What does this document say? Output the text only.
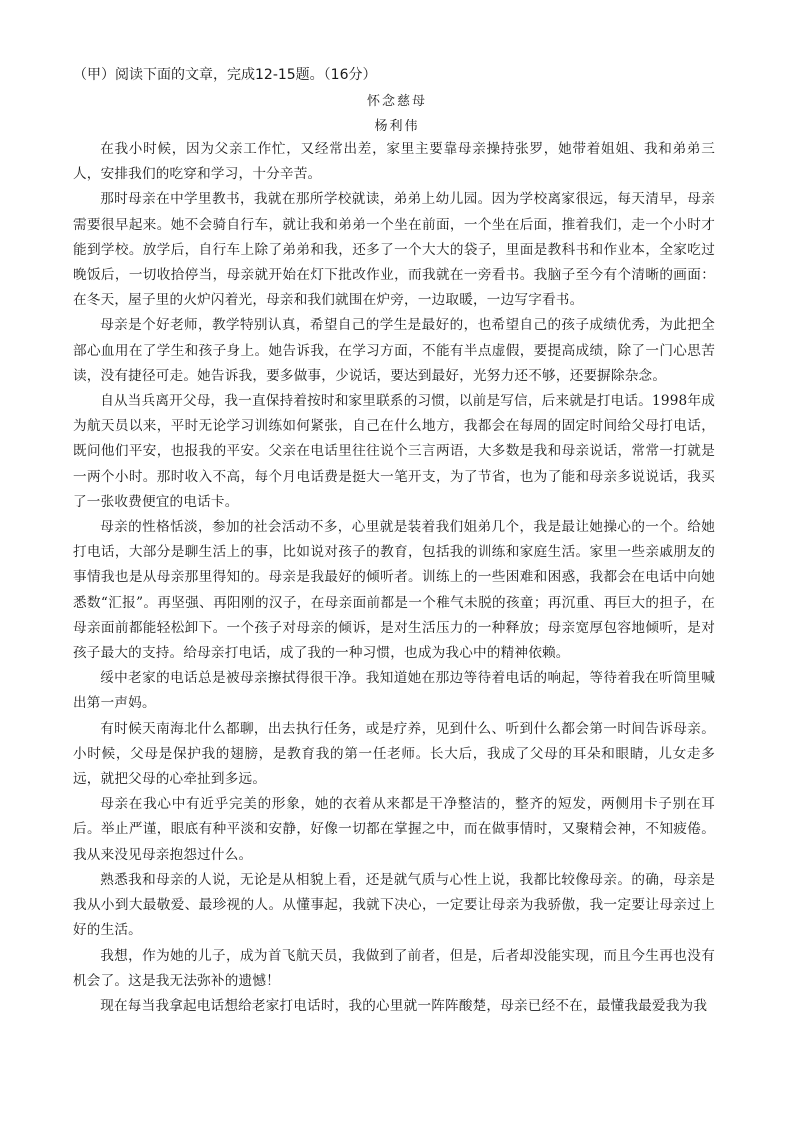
（甲）阅读下面的文章，完成12-15题。（16分）
怀念慈母
杨利伟

在我小时候，因为父亲工作忙，又经常出差，家里主要靠母亲操持张罗，她带着姐姐、我和弟弟三人，安排我们的吃穿和学习，十分辛苦。

那时母亲在中学里教书，我就在那所学校就读，弟弟上幼儿园。因为学校离家很远，每天清早，母亲需要很早起来。她不会骑自行车，就让我和弟弟一个坐在前面，一个坐在后面，推着我们，走一个小时才能到学校。放学后，自行车上除了弟弟和我，还多了一个大大的袋子，里面是教科书和作业本，全家吃过晚饭后，一切收拾停当，母亲就开始在灯下批改作业，而我就在一旁看书。我脑子至今有个清晰的画面：在冬天，屋子里的火炉闪着光，母亲和我们就围在炉旁，一边取暖，一边写字看书。

母亲是个好老师，教学特别认真，希望自己的学生是最好的，也希望自己的孩子成绩优秀，为此把全部心血用在了学生和孩子身上。她告诉我，在学习方面，不能有半点虚假，要提高成绩，除了一门心思苦读，没有捷径可走。她告诉我，要多做事，少说话，要达到最好，光努力还不够，还要摒除杂念。

自从当兵离开父母，我一直保持着按时和家里联系的习惯，以前是写信，后来就是打电话。1998年成为航天员以来，平时无论学习训练如何紧张，自己在什么地方，我都会在每周的固定时间给父母打电话，既问他们平安，也报我的平安。父亲在电话里往往说个三言两语，大多数是我和母亲说话，常常一打就是一两个小时。那时收入不高，每个月电话费是挺大一笔开支，为了节省，也为了能和母亲多说说话，我买了一张收费便宜的电话卡。

母亲的性格恬淡，参加的社会活动不多，心里就是装着我们姐弟几个，我是最让她操心的一个。给她打电话，大部分是聊生活上的事，比如说对孩子的教育，包括我的训练和家庭生活。家里一些亲戚朋友的事情我也是从母亲那里得知的。母亲是我最好的倾听者。训练上的一些困难和困惑，我都会在电话中向她悉数“汇报”。再坚强、再阳刚的汉子，在母亲面前都是一个稚气未脱的孩童；再沉重、再巨大的担子，在母亲面前都能轻松卸下。一个孩子对母亲的倾诉，是对生活压力的一种释放；母亲宽厚包容地倾听，是对孩子最大的支持。给母亲打电话，成了我的一种习惯，也成为我心中的精神依赖。

绥中老家的电话总是被母亲擦拭得很干净。我知道她在那边等待着电话的响起，等待着我在听筒里喊出第一声妈。

有时候天南海北什么都聊，出去执行任务，或是疗养，见到什么、听到什么都会第一时间告诉母亲。小时候，父母是保护我的翅膀，是教育我的第一任老师。长大后，我成了父母的耳朵和眼睛，儿女走多远，就把父母的心牵扯到多远。

母亲在我心中有近乎完美的形象，她的衣着从来都是干净整洁的，整齐的短发，两侧用卡子别在耳后。举止严谨，眼底有种平淡和安静，好像一切都在掌握之中，而在做事情时，又聚精会神，不知疲倦。我从来没见母亲抱怨过什么。

熟悉我和母亲的人说，无论是从相貌上看，还是就气质与心性上说，我都比较像母亲。的确，母亲是我从小到大最敬爱、最珍视的人。从懂事起，我就下决心，一定要让母亲为我骄傲，我一定要让母亲过上好的生活。

我想，作为她的儿子，成为首飞航天员，我做到了前者，但是，后者却没能实现，而且今生再也没有机会了。这是我无法弥补的遗憾！

现在每当我拿起电话想给老家打电话时，我的心里就一阵阵酸楚，母亲已经不在，最懂我最爱我为我
